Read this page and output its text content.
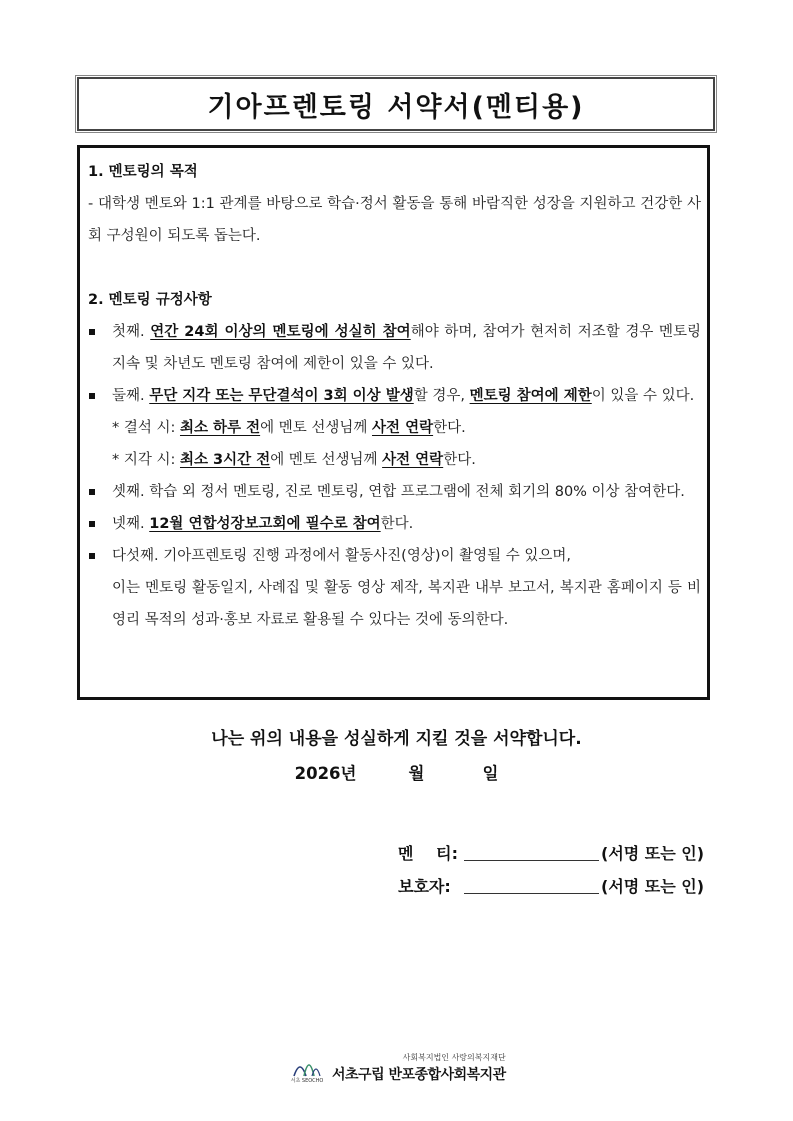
기아프렌토링 서약서(멘티용)
1. 멘토링의 목적
- 대학생 멘토와 1:1 관계를 바탕으로 학습·정서 활동을 통해 바람직한 성장을 지원하고 건강한 사회 구성원이 되도록 돕는다.
2. 멘토링 규정사항
첫째. 연간 24회 이상의 멘토링에 성실히 참여해야 하며, 참여가 현저히 저조할 경우 멘토링 지속 및 차년도 멘토링 참여에 제한이 있을 수 있다.
둘째. 무단 지각 또는 무단결석이 3회 이상 발생할 경우, 멘토링 참여에 제한이 있을 수 있다.
* 결석 시: 최소 하루 전에 멘토 선생님께 사전 연락한다.
* 지각 시: 최소 3시간 전에 멘토 선생님께 사전 연락한다.
셋째. 학습 외 정서 멘토링, 진로 멘토링, 연합 프로그램에 전체 회기의 80% 이상 참여한다.
넷째. 12월 연합성장보고회에 필수로 참여한다.
다섯째. 기아프렌토링 진행 과정에서 활동사진(영상)이 촬영될 수 있으며,
이는 멘토링 활동일지, 사례집 및 활동 영상 제작, 복지관 내부 보고서, 복지관 홈페이지 등 비영리 목적의 성과·홍보 자료로 활용될 수 있다는 것에 동의한다.
나는 위의 내용을 성실하게 지킬 것을 서약합니다.
2026년	월	일
멘 티:	(서명 또는 인)
보호자:	(서명 또는 인)
서초 SEOCHO
사회복지법인 사랑의복지재단
서초구립 반포종합사회복지관
